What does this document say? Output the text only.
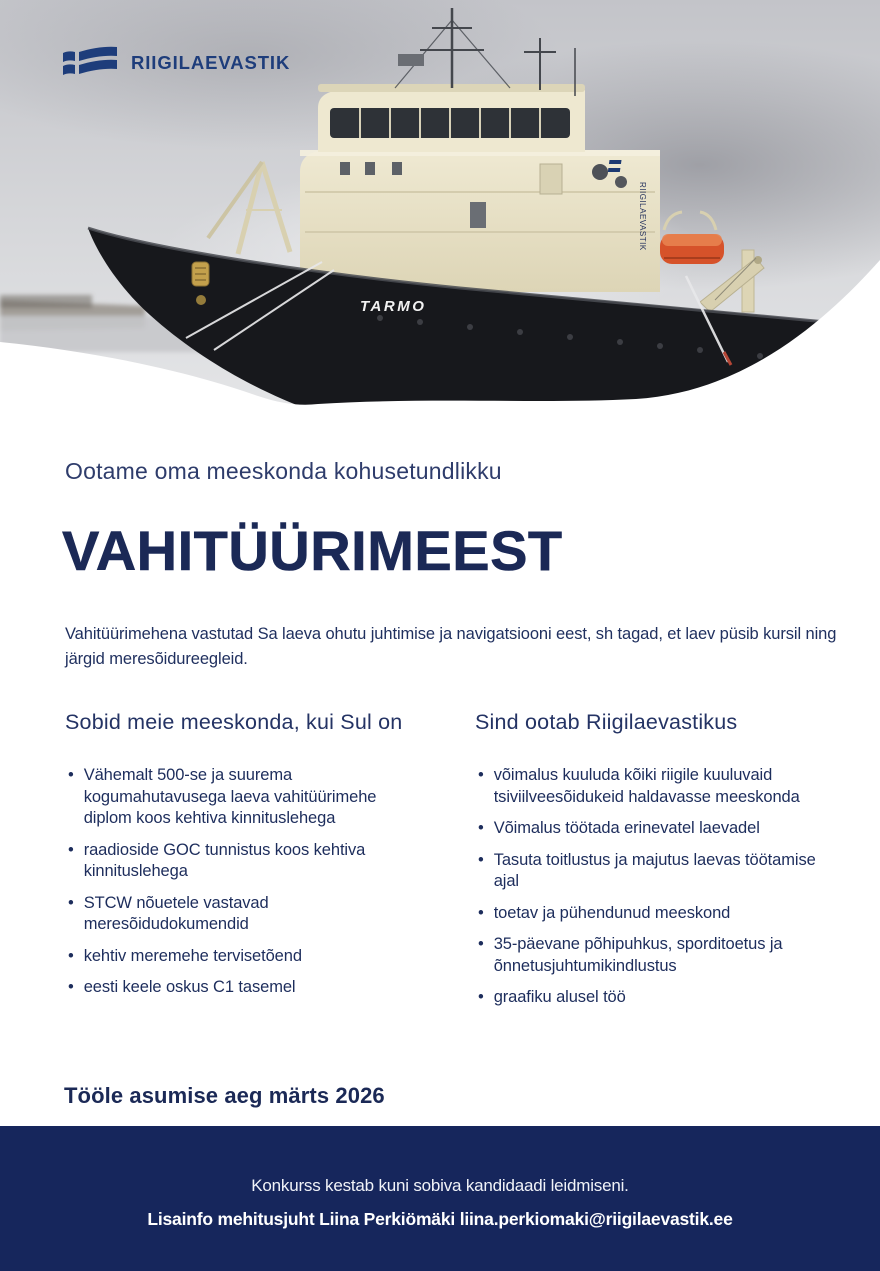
RIIGILAEVASTIK
TARMO
RIIGILAEVASTIK
Ootame oma meeskonda kohusetundlikku
VAHITÜÜRIMEEST

Vahitüürimehena vastutad Sa laeva ohutu juhtimise ja navigatsiooni eest, sh tagad, et laev püsib kursil ning järgid meresõidureegleid.

Sobid meie meeskonda, kui Sul on
• Vähemalt 500-se ja suurema kogumahutavusega laeva vahitüürimehe diplom koos kehtiva kinnituslehega
• raadioside GOC tunnistus koos kehtiva kinnituslehega
• STCW nõuetele vastavad meresõidudokumendid
• kehtiv meremehe tervisetõend
• eesti keele oskus C1 tasemel
Sind ootab Riigilaevastikus
• võimalus kuuluda kõiki riigile kuuluvaid tsiviilveesõidukeid haldavasse meeskonda
• Võimalus töötada erinevatel laevadel
• Tasuta toitlustus ja majutus laevas töötamise ajal
• toetav ja pühendunud meeskond
• 35-päevane põhipuhkus, sporditoetus ja õnnetusjuhtumikindlustus
• graafiku alusel töö
Tööle asumise aeg märts 2026
Konkurss kestab kuni sobiva kandidaadi leidmiseni.
Lisainfo mehitusjuht Liina Perkiömäki liina.perkiomaki@riigilaevastik.ee
